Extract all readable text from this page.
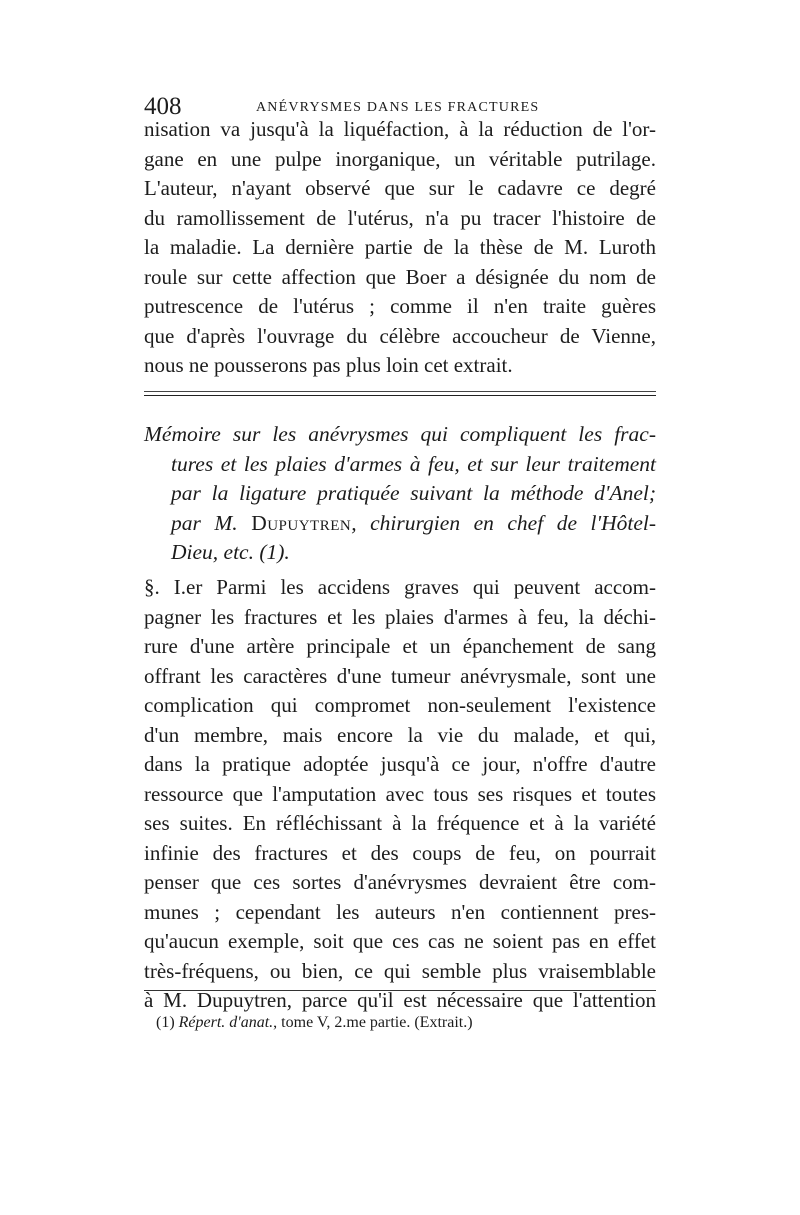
408	ANÉVRYSMES DANS LES FRACTURES
nisation va jusqu'à la liquéfaction, à la réduction de l'or-
gane en une pulpe inorganique, un véritable putrilage.
L'auteur, n'ayant observé que sur le cadavre ce degré
du ramollissement de l'utérus, n'a pu tracer l'histoire de
la maladie. La dernière partie de la thèse de M. Luroth
roule sur cette affection que Boer a désignée du nom de
putrescence de l'utérus ; comme il n'en traite guères
que d'après l'ouvrage du célèbre accoucheur de Vienne,
nous ne pousserons pas plus loin cet extrait.
Mémoire sur les anévrysmes qui compliquent les frac-
tures et les plaies d'armes à feu, et sur leur traitement
par la ligature pratiquée suivant la méthode d'Anel;
par M. Dupuytren, chirurgien en chef de l'Hôtel-
Dieu, etc. (1).
§. I.er Parmi les accidens graves qui peuvent accom-
pagner les fractures et les plaies d'armes à feu, la déchi-
rure d'une artère principale et un épanchement de sang
offrant les caractères d'une tumeur anévrysmale, sont une
complication qui compromet non-seulement l'existence
d'un membre, mais encore la vie du malade, et qui,
dans la pratique adoptée jusqu'à ce jour, n'offre d'autre
ressource que l'amputation avec tous ses risques et toutes
ses suites. En réfléchissant à la fréquence et à la variété
infinie des fractures et des coups de feu, on pourrait
penser que ces sortes d'anévrysmes devraient être com-
munes ; cependant les auteurs n'en contiennent pres-
qu'aucun exemple, soit que ces cas ne soient pas en effet
très-fréquens, ou bien, ce qui semble plus vraisemblable
à M. Dupuytren, parce qu'il est nécessaire que l'attention
(1) Répert. d'anat., tome V, 2.me partie. (Extrait.)
